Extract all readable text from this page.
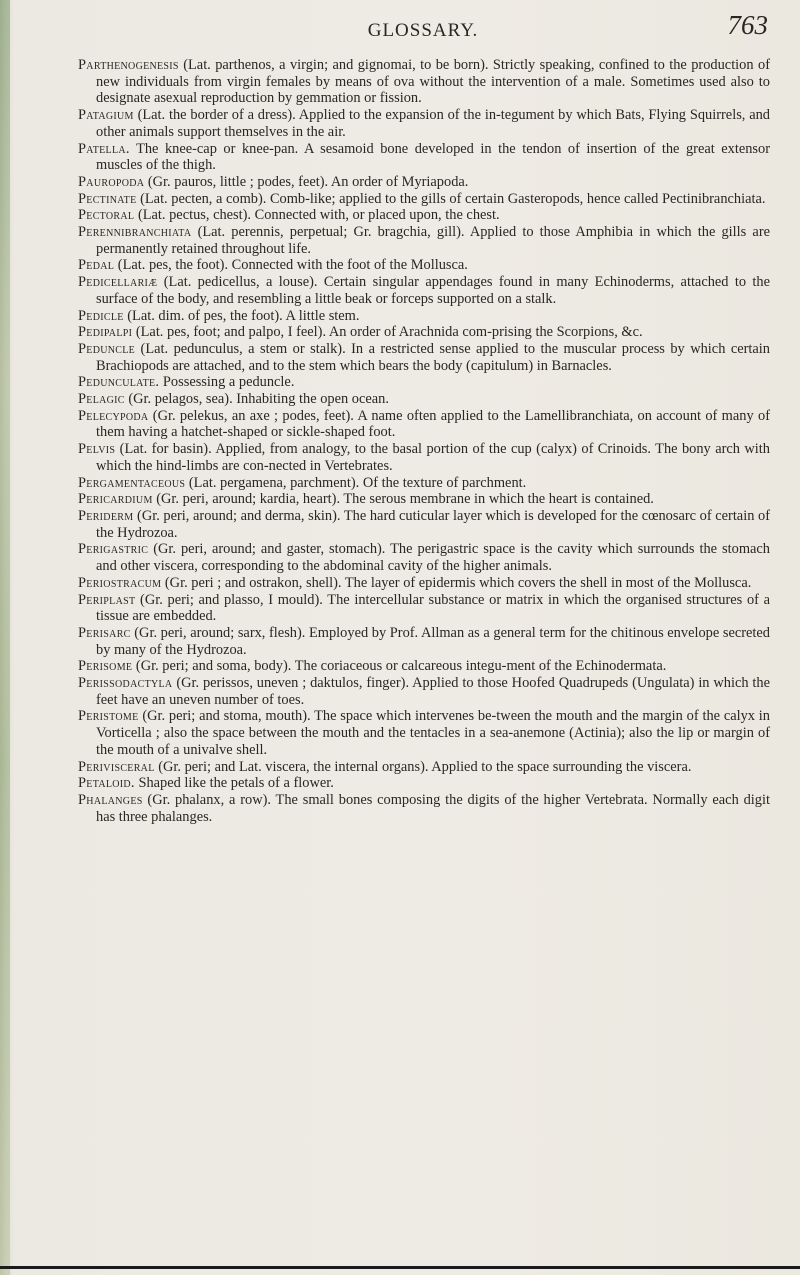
GLOSSARY.	763

Parthenogenesis (Lat. parthenos, a virgin; and gignomai, to be born). Strictly speaking, confined to the production of new individuals from virgin females by means of ova without the intervention of a male. Sometimes used also to designate asexual reproduction by gemmation or fission.

Patagium (Lat. the border of a dress). Applied to the expansion of the in-tegument by which Bats, Flying Squirrels, and other animals support themselves in the air.

Patella. The knee-cap or knee-pan. A sesamoid bone developed in the tendon of insertion of the great extensor muscles of the thigh.

Pauropoda (Gr. pauros, little ; podes, feet). An order of Myriapoda.

Pectinate (Lat. pecten, a comb). Comb-like; applied to the gills of certain Gasteropods, hence called Pectinibranchiata.

Pectoral (Lat. pectus, chest). Connected with, or placed upon, the chest.

Perennibranchiata (Lat. perennis, perpetual; Gr. bragchia, gill). Applied to those Amphibia in which the gills are permanently retained throughout life.

Pedal (Lat. pes, the foot). Connected with the foot of the Mollusca.

Pedicellariæ (Lat. pedicellus, a louse). Certain singular appendages found in many Echinoderms, attached to the surface of the body, and resembling a little beak or forceps supported on a stalk.

Pedicle (Lat. dim. of pes, the foot). A little stem.

Pedipalpi (Lat. pes, foot; and palpo, I feel). An order of Arachnida com-prising the Scorpions, &c.

Peduncle (Lat. pedunculus, a stem or stalk). In a restricted sense applied to the muscular process by which certain Brachiopods are attached, and to the stem which bears the body (capitulum) in Barnacles.

Pedunculate. Possessing a peduncle.

Pelagic (Gr. pelagos, sea). Inhabiting the open ocean.

Pelecypoda (Gr. pelekus, an axe ; podes, feet). A name often applied to the Lamellibranchiata, on account of many of them having a hatchet-shaped or sickle-shaped foot.

Pelvis (Lat. for basin). Applied, from analogy, to the basal portion of the cup (calyx) of Crinoids. The bony arch with which the hind-limbs are con-nected in Vertebrates.

Pergamentaceous (Lat. pergamena, parchment). Of the texture of parchment.

Pericardium (Gr. peri, around; kardia, heart). The serous membrane in which the heart is contained.

Periderm (Gr. peri, around; and derma, skin). The hard cuticular layer which is developed for the cœnosarc of certain of the Hydrozoa.

Perigastric (Gr. peri, around; and gaster, stomach). The perigastric space is the cavity which surrounds the stomach and other viscera, corresponding to the abdominal cavity of the higher animals.

Periostracum (Gr. peri ; and ostrakon, shell). The layer of epidermis which covers the shell in most of the Mollusca.

Periplast (Gr. peri; and plasso, I mould). The intercellular substance or matrix in which the organised structures of a tissue are embedded.

Perisarc (Gr. peri, around; sarx, flesh). Employed by Prof. Allman as a general term for the chitinous envelope secreted by many of the Hydrozoa.

Perisome (Gr. peri; and soma, body). The coriaceous or calcareous integu-ment of the Echinodermata.

Perissodactyla (Gr. perissos, uneven ; daktulos, finger). Applied to those Hoofed Quadrupeds (Ungulata) in which the feet have an uneven number of toes.

Peristome (Gr. peri; and stoma, mouth). The space which intervenes be-tween the mouth and the margin of the calyx in Vorticella ; also the space between the mouth and the tentacles in a sea-anemone (Actinia); also the lip or margin of the mouth of a univalve shell.

Perivisceral (Gr. peri; and Lat. viscera, the internal organs). Applied to the space surrounding the viscera.

Petaloid. Shaped like the petals of a flower.

Phalanges (Gr. phalanx, a row). The small bones composing the digits of the higher Vertebrata. Normally each digit has three phalanges.
